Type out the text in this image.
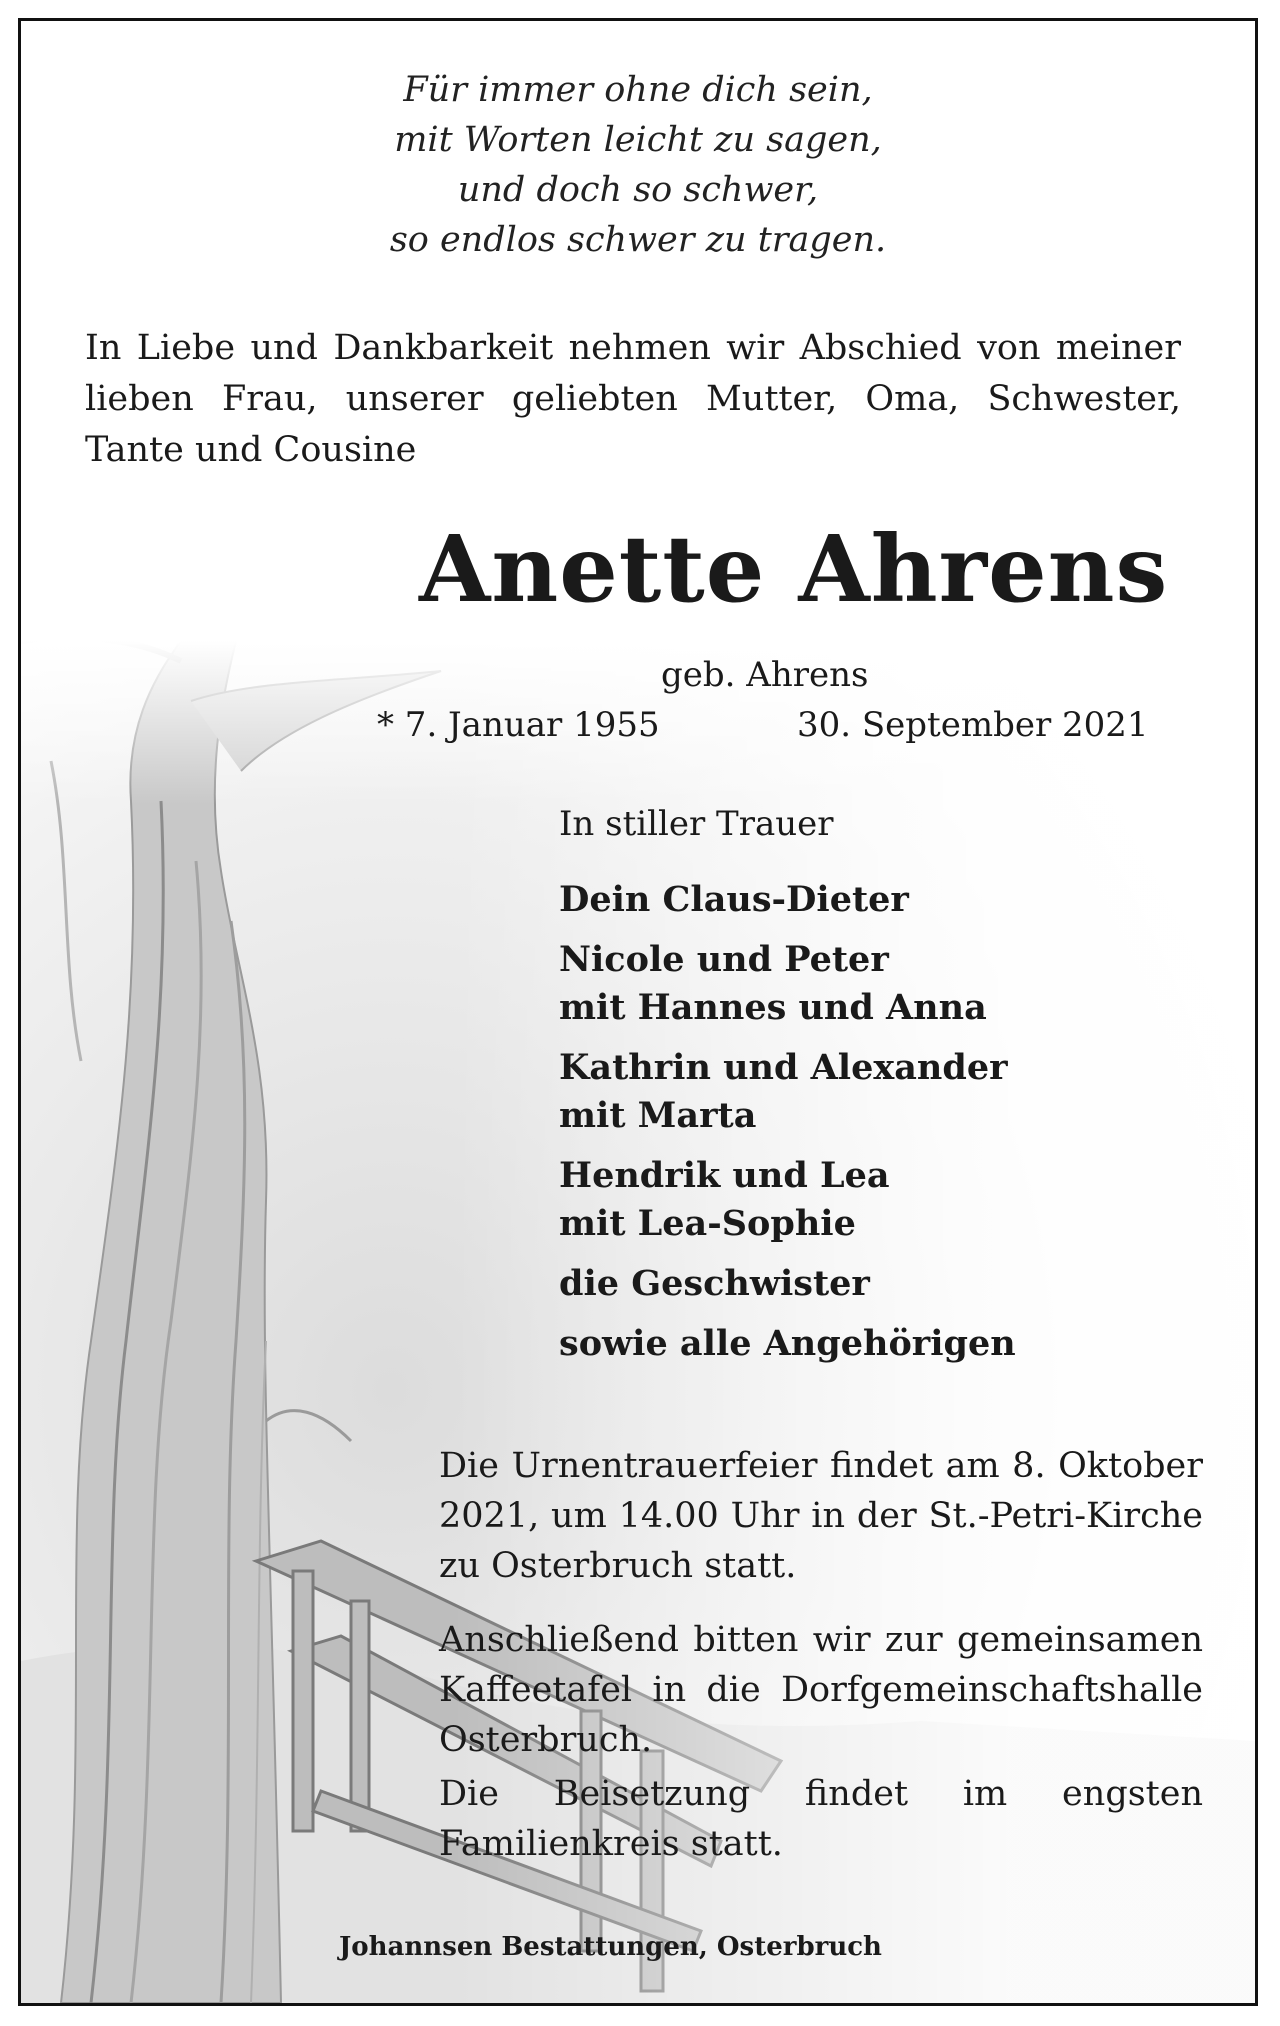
Für immer ohne dich sein,
mit Worten leicht zu sagen,
und doch so schwer,
so endlos schwer zu tragen.
In Liebe und Dankbarkeit nehmen wir Abschied von meiner lieben Frau, unserer geliebten Mutter, Oma, Schwester, Tante und Cousine
Anette Ahrens
geb. Ahrens
* 7. Januar 1955	30. September 2021
In stiller Trauer
Dein Claus-Dieter
Nicole und Peter
mit Hannes und Anna
Kathrin und Alexander
mit Marta
Hendrik und Lea
mit Lea-Sophie
die Geschwister
sowie alle Angehörigen
Die Urnentrauerfeier findet am 8. Oktober 2021, um 14.00 Uhr in der St.-Petri-Kirche zu Osterbruch statt.
Anschließend bitten wir zur gemeinsamen Kaffeetafel in die Dorfgemeinschaftshalle Osterbruch.
Die Beisetzung findet im engsten Familienkreis statt.
Johannsen Bestattungen, Osterbruch
